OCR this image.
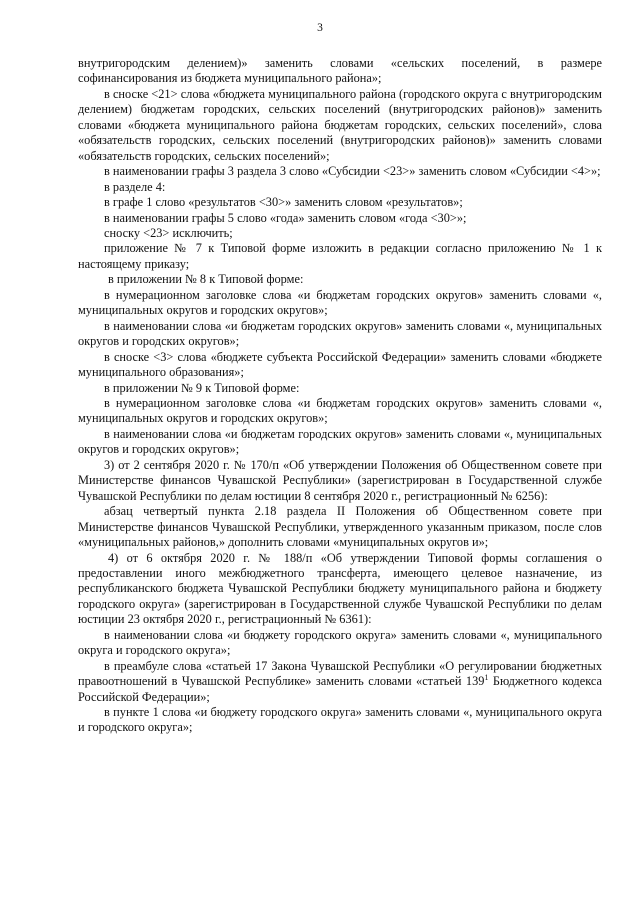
3

внутригородским делением)» заменить словами «сельских поселений, в размере софинансирования из бюджета муниципального района»;

в сноске <21> слова «бюджета муниципального района (городского округа с внутригородским делением) бюджетам городских, сельских поселений (внутригородских районов)» заменить словами «бюджета муниципального района бюджетам городских, сельских поселений», слова «обязательств городских, сельских поселений (внутригородских районов)» заменить словами «обязательств городских, сельских поселений»;

в наименовании графы 3 раздела 3 слово «Субсидии <23>» заменить словом «Субсидии <4>»;

в разделе 4:

в графе 1 слово «результатов <30>» заменить словом «результатов»;

в наименовании графы 5 слово «года» заменить словом «года <30>»;

сноску <23> исключить;

приложение № 7 к Типовой форме изложить в редакции согласно приложению № 1 к настоящему приказу;

в приложении № 8 к Типовой форме:

в нумерационном заголовке слова «и бюджетам городских округов» заменить словами «, муниципальных округов и городских округов»;

в наименовании слова «и бюджетам городских округов» заменить словами «, муниципальных округов и городских округов»;

в сноске <3> слова «бюджете субъекта Российской Федерации» заменить словами «бюджете муниципального образования»;

в приложении № 9 к Типовой форме:

в нумерационном заголовке слова «и бюджетам городских округов» заменить словами «, муниципальных округов и городских округов»;

в наименовании слова «и бюджетам городских округов» заменить словами «, муниципальных округов и городских округов»;

3) от 2 сентября 2020 г. № 170/п «Об утверждении Положения об Общественном совете при Министерстве финансов Чувашской Республики» (зарегистрирован в Государственной службе Чувашской Республики по делам юстиции 8 сентября 2020 г., регистрационный № 6256):

абзац четвертый пункта 2.18 раздела II Положения об Общественном совете при Министерстве финансов Чувашской Республики, утвержденного указанным приказом, после слов «муниципальных районов,» дополнить словами «муниципальных округов и»;

4) от 6 октября 2020 г. № 188/п «Об утверждении Типовой формы соглашения о предоставлении иного межбюджетного трансферта, имеющего целевое назначение, из республиканского бюджета Чувашской Республики бюджету муниципального района и бюджету городского округа» (зарегистрирован в Государственной службе Чувашской Республики по делам юстиции 23 октября 2020 г., регистрационный № 6361):

в наименовании слова «и бюджету городского округа» заменить словами «, муниципального округа и городского округа»;

в преамбуле слова «статьей 17 Закона Чувашской Республики «О регулировании бюджетных правоотношений в Чувашской Республике» заменить словами «статьей $139^1$ Бюджетного кодекса Российской Федерации»;

в пункте 1 слова «и бюджету городского округа» заменить словами «, муниципального округа и городского округа»;
